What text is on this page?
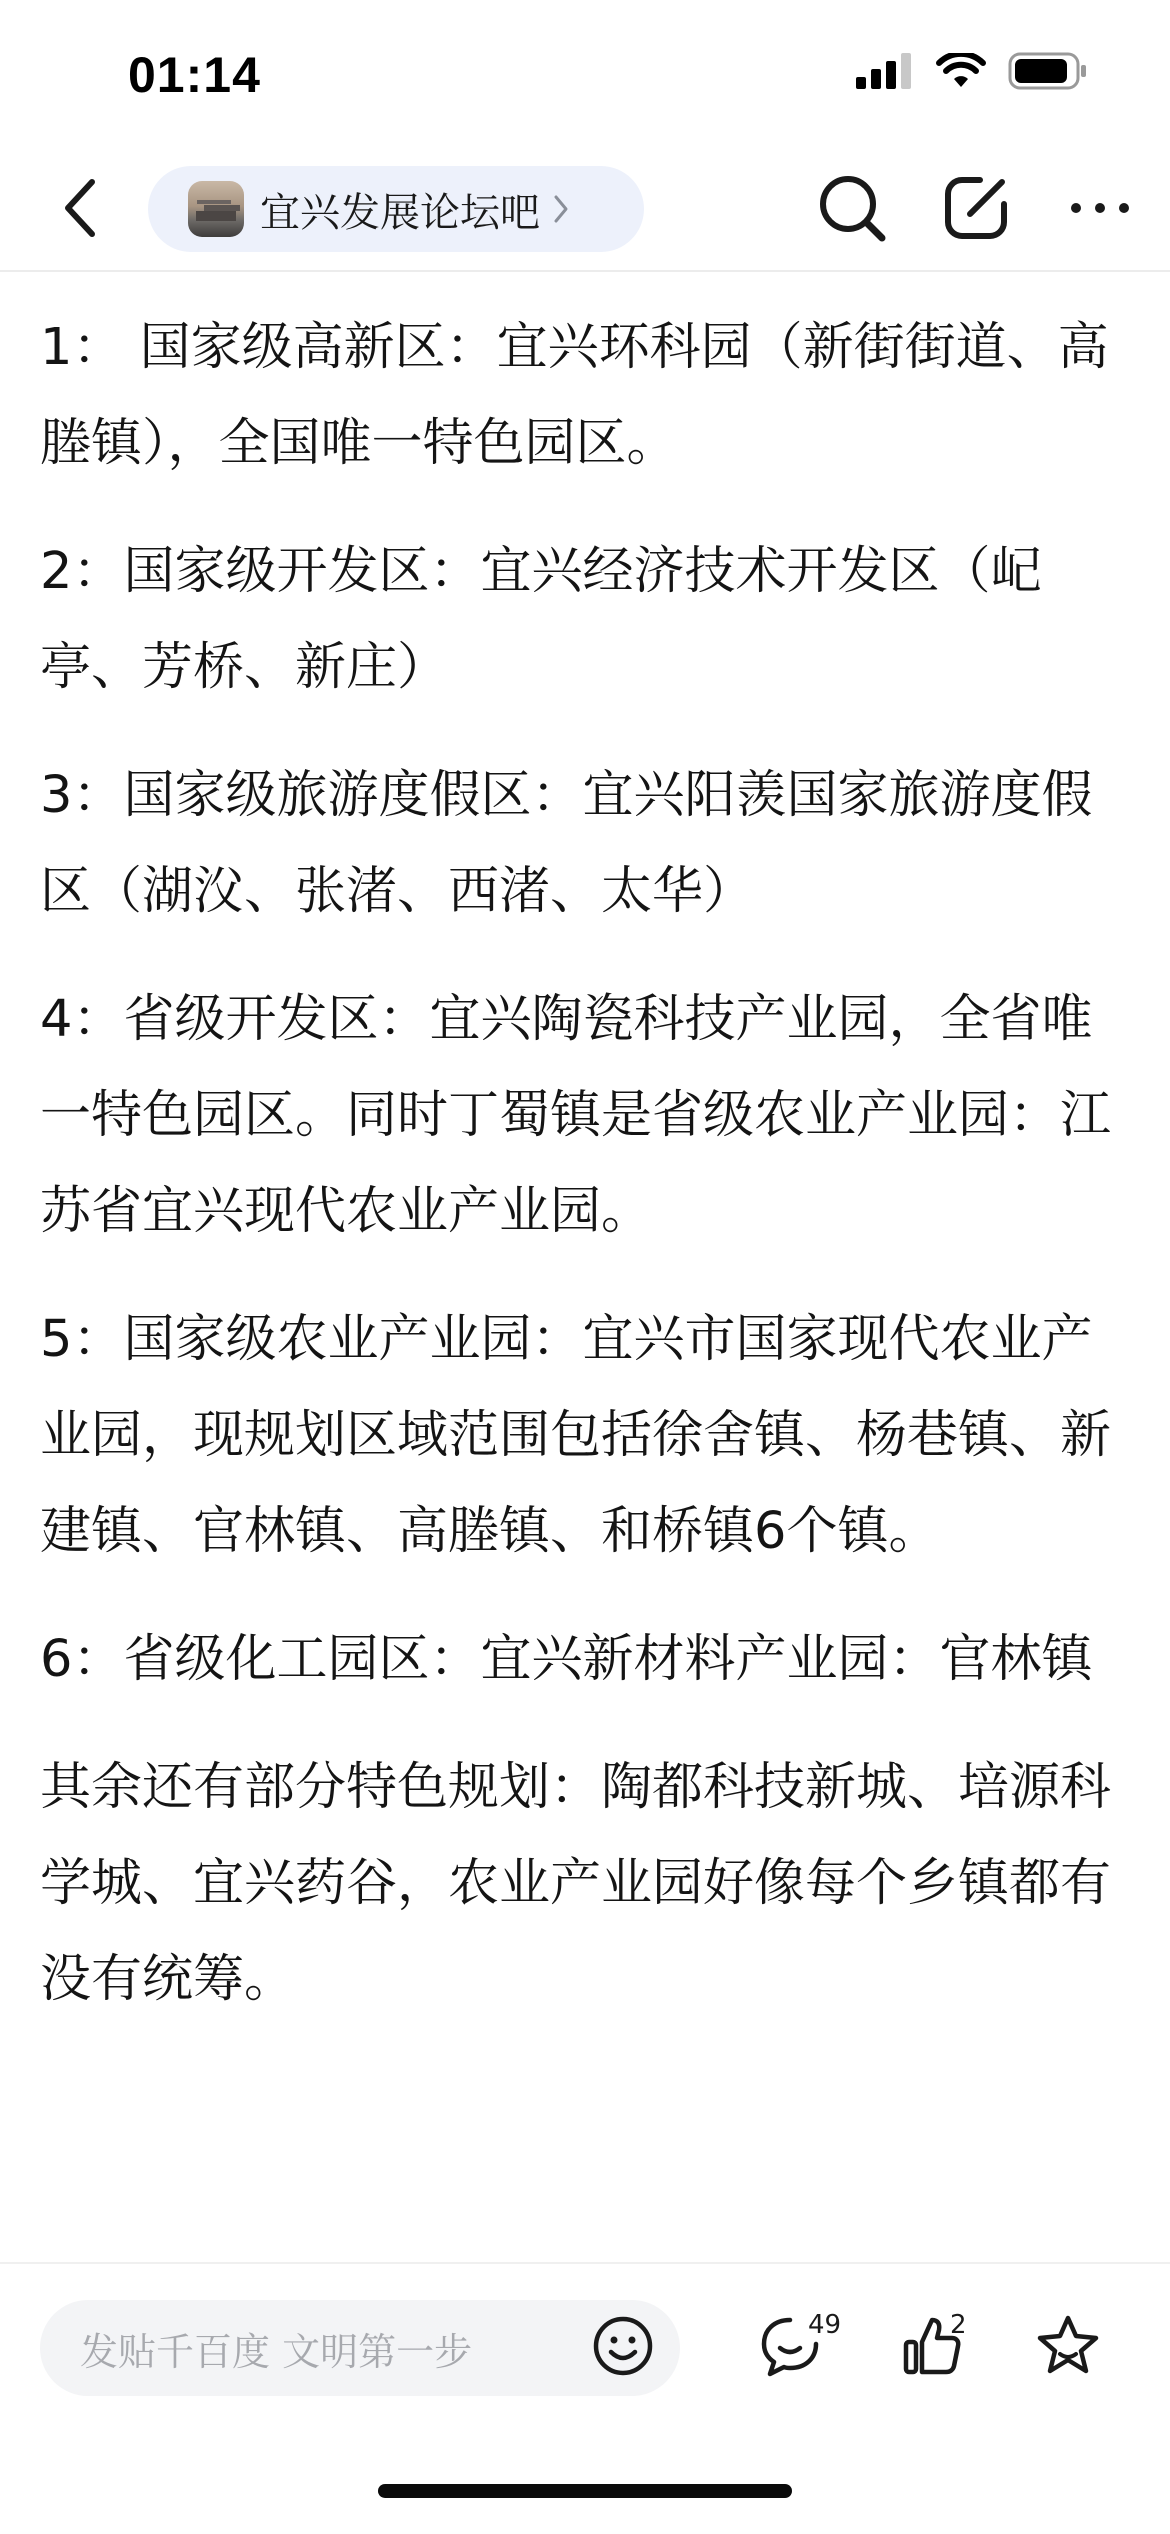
01:14
宜兴发展论坛吧

1： 国家级高新区：宜兴环科园（新街街道、高塍镇），全国唯一特色园区。

2：国家级开发区：宜兴经济技术开发区（屺亭、芳桥、新庄）

3：国家级旅游度假区：宜兴阳羡国家旅游度假区（湖㳇、张渚、西渚、太华）

4：省级开发区：宜兴陶瓷科技产业园，全省唯一特色园区。同时丁蜀镇是省级农业产业园：江苏省宜兴现代农业产业园。

5：国家级农业产业园：宜兴市国家现代农业产业园，现规划区域范围包括徐舍镇、杨巷镇、新建镇、官林镇、高塍镇、和桥镇6个镇。

6：省级化工园区：宜兴新材料产业园：官林镇

其余还有部分特色规划：陶都科技新城、培源科学城、宜兴药谷，农业产业园好像每个乡镇都有没有统筹。

发贴千百度 文明第一步
49	2
